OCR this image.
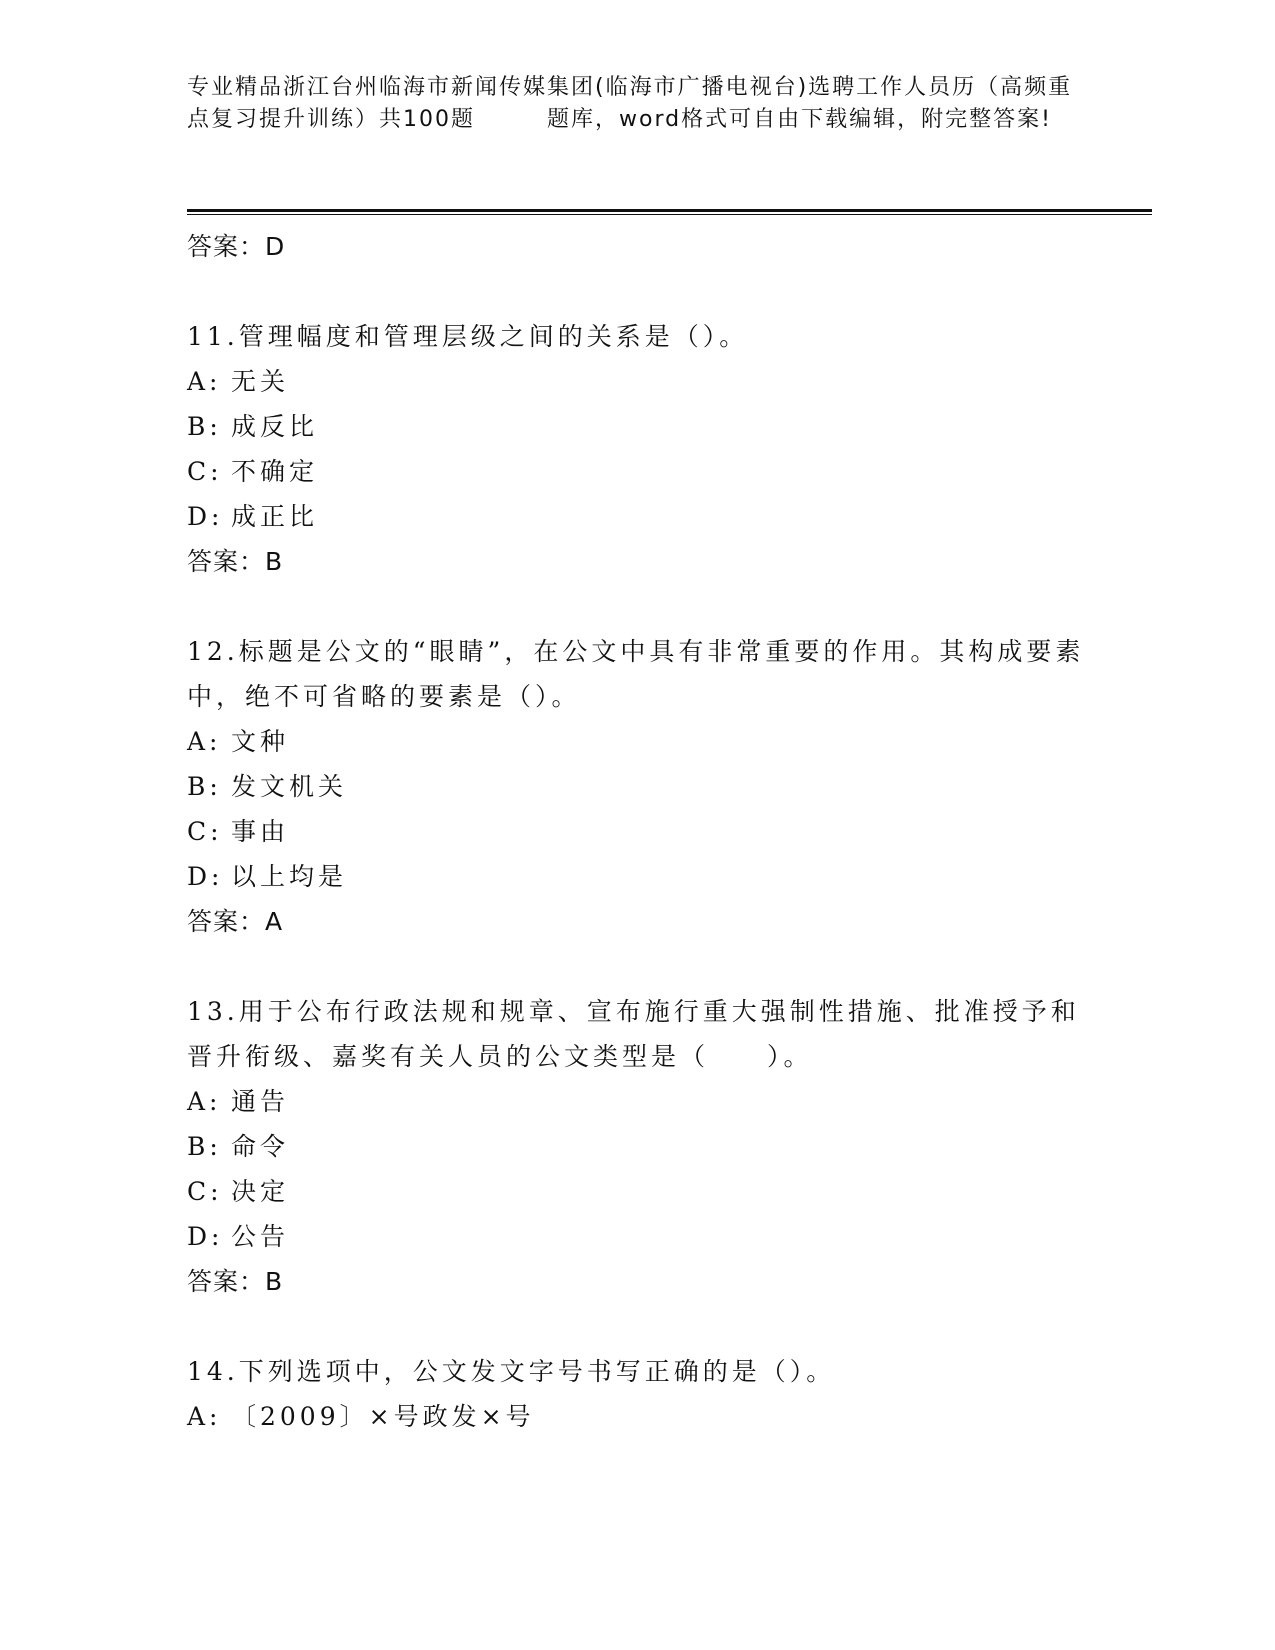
专业精品浙江台州临海市新闻传媒集团(临海市广播电视台)选聘工作人员历（高频重点复习提升训练）共100题　　　题库，word格式可自由下载编辑，附完整答案!
答案：D
11.管理幅度和管理层级之间的关系是（）。
A: 无关
B: 成反比
C: 不确定
D: 成正比
答案：B
12.标题是公文的“眼睛”，在公文中具有非常重要的作用。其构成要素中，绝不可省略的要素是（）。
A: 文种
B: 发文机关
C: 事由
D: 以上均是
答案：A
13.用于公布行政法规和规章、宣布施行重大强制性措施、批准授予和晋升衔级、嘉奖有关人员的公文类型是（　　）。
A: 通告
B: 命令
C: 决定
D: 公告
答案：B
14.下列选项中，公文发文字号书写正确的是（）。
A: 〔2009〕×号政发×号
